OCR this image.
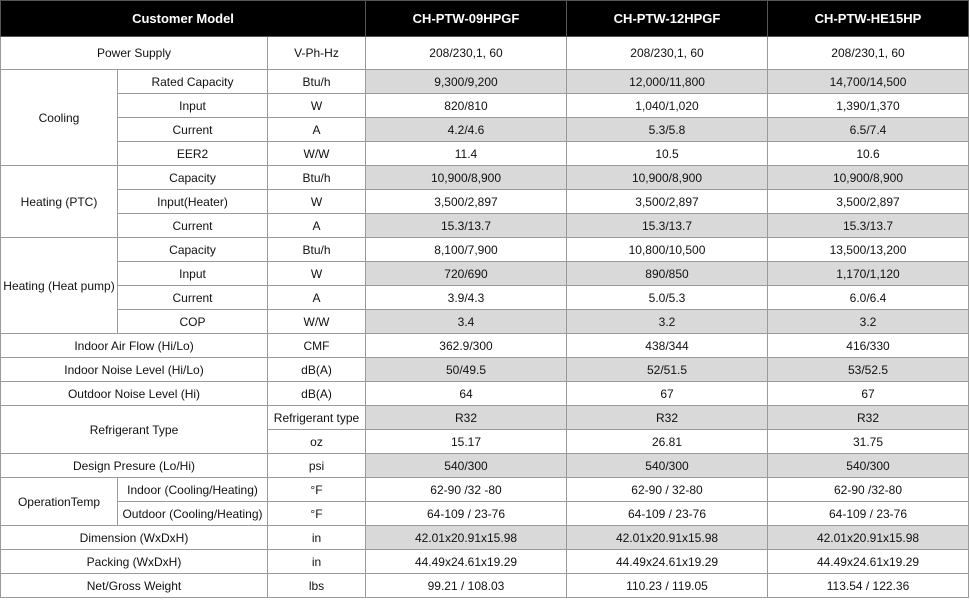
Customer Model			CH-PTW-09HPGF	CH-PTW-12HPGF	CH-PTW-HE15HP
Power Supply		V-Ph-Hz	208/230,1, 60	208/230,1, 60	208/230,1, 60
Cooling	Rated Capacity	Btu/h	9,300/9,200	12,000/11,800	14,700/14,500
	Input	W	820/810	1,040/1,020	1,390/1,370
	Current	A	4.2/4.6	5.3/5.8	6.5/7.4
	EER2	W/W	11.4	10.5	10.6
Heating (PTC)	Capacity	Btu/h	10,900/8,900	10,900/8,900	10,900/8,900
	Input(Heater)	W	3,500/2,897	3,500/2,897	3,500/2,897
	Current	A	15.3/13.7	15.3/13.7	15.3/13.7
Heating (Heat pump)	Capacity	Btu/h	8,100/7,900	10,800/10,500	13,500/13,200
	Input	W	720/690	890/850	1,170/1,120
	Current	A	3.9/4.3	5.0/5.3	6.0/6.4
	COP	W/W	3.4	3.2	3.2
Indoor Air Flow (Hi/Lo)		CMF	362.9/300	438/344	416/330
Indoor Noise Level (Hi/Lo)		dB(A)	50/49.5	52/51.5	53/52.5
Outdoor Noise Level (Hi)		dB(A)	64	67	67
Refrigerant Type		Refrigerant type	R32	R32	R32
		oz	15.17	26.81	31.75
Design Presure (Lo/Hi)		psi	540/300	540/300	540/300
OperationTemp	Indoor (Cooling/Heating)	°F	62-90 /32 -80	62-90 / 32-80	62-90 /32-80
	Outdoor (Cooling/Heating)	°F	64-109 / 23-76	64-109 / 23-76	64-109 / 23-76
Dimension (WxDxH)		in	42.01x20.91x15.98	42.01x20.91x15.98	42.01x20.91x15.98
Packing (WxDxH)		in	44.49x24.61x19.29	44.49x24.61x19.29	44.49x24.61x19.29
Net/Gross Weight		lbs	99.21 / 108.03	110.23 / 119.05	113.54 / 122.36
